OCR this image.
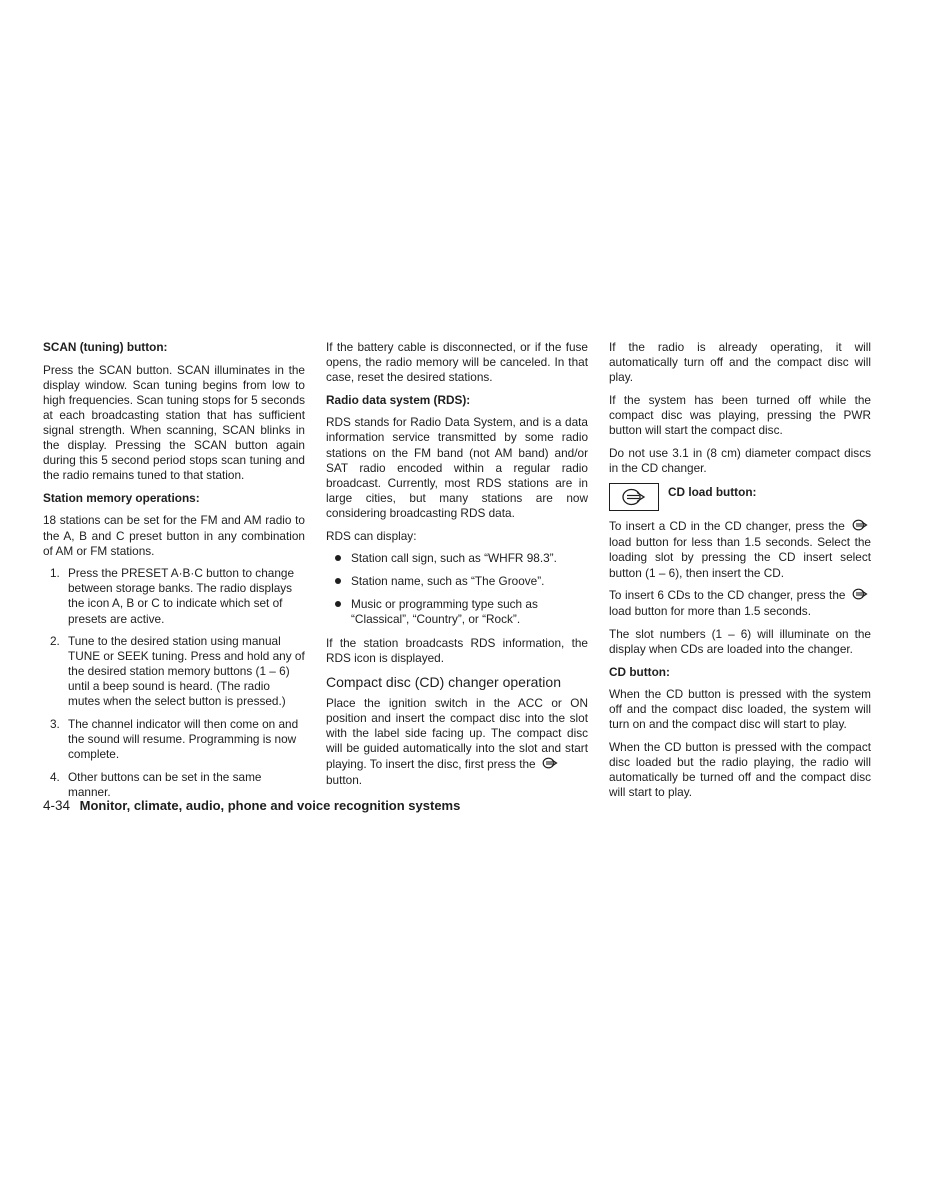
SCAN (tuning) button:

Press the SCAN button. SCAN illuminates in the display window. Scan tuning begins from low to high frequencies. Scan tuning stops for 5 seconds at each broadcasting station that has sufficient signal strength. When scanning, SCAN blinks in the display. Pressing the SCAN button again during this 5 second period stops scan tuning and the radio remains tuned to that station.

Station memory operations:

18 stations can be set for the FM and AM radio to the A, B and C preset button in any combination of AM or FM stations.

1. Press the PRESET A·B·C button to change between storage banks. The radio displays the icon A, B or C to indicate which set of presets are active.
2. Tune to the desired station using manual TUNE or SEEK tuning. Press and hold any of the desired station memory buttons (1 – 6) until a beep sound is heard. (The radio mutes when the select button is pressed.)
3. The channel indicator will then come on and the sound will resume. Programming is now complete.
4. Other buttons can be set in the same manner.

If the battery cable is disconnected, or if the fuse opens, the radio memory will be canceled. In that case, reset the desired stations.

Radio data system (RDS):

RDS stands for Radio Data System, and is a data information service transmitted by some radio stations on the FM band (not AM band) and/or SAT radio encoded within a regular radio broadcast. Currently, most RDS stations are in large cities, but many stations are now considering broadcasting RDS data.

RDS can display:

Station call sign, such as “WHFR 98.3”.
Station name, such as “The Groove”.
Music or programming type such as “Classical”, “Country”, or “Rock”.

If the station broadcasts RDS information, the RDS icon is displayed.

Compact disc (CD) changer operation

Place the ignition switch in the ACC or ON position and insert the compact disc into the slot with the label side facing up. The compact disc will be guided automatically into the slot and start playing. To insert the disc, first press the
button.

If the radio is already operating, it will automatically turn off and the compact disc will play.

If the system has been turned off while the compact disc was playing, pressing the PWR button will start the compact disc.

Do not use 3.1 in (8 cm) diameter compact discs in the CD changer.

CD load button:

To insert a CD in the CD changer, press the  load button for less than 1.5 seconds. Select the loading slot by pressing the CD insert select button (1 – 6), then insert the CD.

To insert 6 CDs to the CD changer, press the  load button for more than 1.5 seconds.

The slot numbers (1 – 6) will illuminate on the display when CDs are loaded into the changer.

CD button:

When the CD button is pressed with the system off and the compact disc loaded, the system will turn on and the compact disc will start to play.

When the CD button is pressed with the compact disc loaded but the radio playing, the radio will automatically be turned off and the compact disc will start to play.

4-34 Monitor, climate, audio, phone and voice recognition systems
